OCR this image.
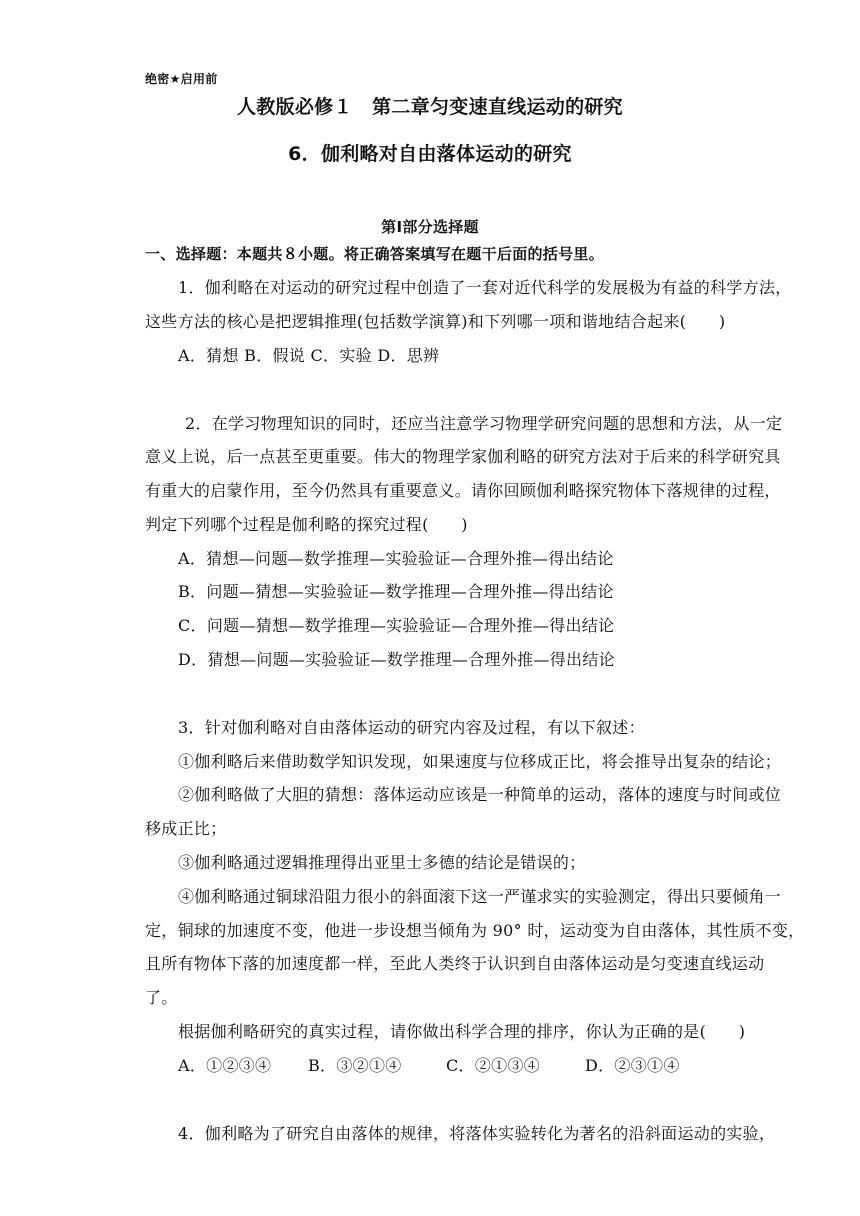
绝密★启用前
人教版必修１　第二章匀变速直线运动的研究
6．伽利略对自由落体运动的研究
第Ⅰ部分选择题
一、选择题：本题共８小题。将正确答案填写在题干后面的括号里。
1．伽利略在对运动的研究过程中创造了一套对近代科学的发展极为有益的科学方法，
这些方法的核心是把逻辑推理(包括数学演算)和下列哪一项和谐地结合起来(　　)
A．猜想 B．假说 C．实验 D．思辨
2．在学习物理知识的同时，还应当注意学习物理学研究问题的思想和方法，从一定
意义上说，后一点甚至更重要。伟大的物理学家伽利略的研究方法对于后来的科学研究具
有重大的启蒙作用，至今仍然具有重要意义。请你回顾伽利略探究物体下落规律的过程，
判定下列哪个过程是伽利略的探究过程(　　)
A．猜想—问题—数学推理—实验验证—合理外推—得出结论
B．问题—猜想—实验验证—数学推理—合理外推—得出结论
C．问题—猜想—数学推理—实验验证—合理外推—得出结论
D．猜想—问题—实验验证—数学推理—合理外推—得出结论
3．针对伽利略对自由落体运动的研究内容及过程，有以下叙述：
①伽利略后来借助数学知识发现，如果速度与位移成正比，将会推导出复杂的结论；
②伽利略做了大胆的猜想：落体运动应该是一种简单的运动，落体的速度与时间或位
移成正比；
③伽利略通过逻辑推理得出亚里士多德的结论是错误的；
④伽利略通过铜球沿阻力很小的斜面滚下这一严谨求实的实验测定，得出只要倾角一
定，铜球的加速度不变，他进一步设想当倾角为 90° 时，运动变为自由落体，其性质不变，
且所有物体下落的加速度都一样，至此人类终于认识到自由落体运动是匀变速直线运动
了。
根据伽利略研究的真实过程，请你做出科学合理的排序，你认为正确的是(　　)
A．①②③④ B．③②①④	C．②①③④	D．②③①④
4．伽利略为了研究自由落体的规律，将落体实验转化为著名的沿斜面运动的实验，
